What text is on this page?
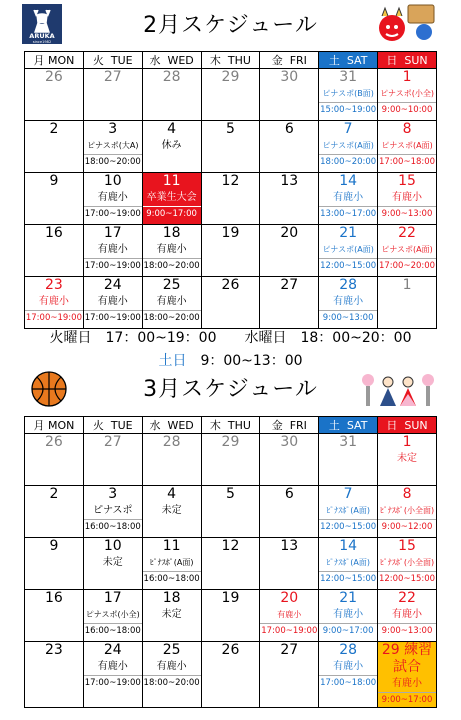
ARUKA
since1982
2月スケジュール
月 MON	火 TUE	水 WED	木 THU	金 FRI	土 SAT	日 SUN

26	27	28	29	30	31
ピナスポ(B面)
15:00~19:00	1
ピナスポ(小全)
9:00~10:00

2	3
ピナスポ(大A)
18:00~20:00	4
休み	5	6	7
ピナスポ(A面)
18:00~20:00	8
ピナスポ(A面)
17:00~18:00

9	10
有鹿小
17:00~19:00	11
卒業生大会
9:00~17:00	12	13	14
有鹿小
13:00~17:00	15
有鹿小
9:00~13:00

16	17
有鹿小
17:00~19:00	18
有鹿小
18:00~20:00	19	20	21
ピナスポ(A面)
12:00~15:00	22
ピナスポ(A面)
17:00~20:00

23
有鹿小
17:00~19:00	24
有鹿小
17:00~19:00	25
有鹿小
18:00~20:00	26	27	28
有鹿小
9:00~13:00	1
火曜日　17：00~19：00　　水曜日　18：00~20：00
土日　9：00~13：00
3月スケジュール
月 MON	火 TUE	水 WED	木 THU	金 FRI	土 SAT	日 SUN

26	27	28	29	30	31	1
未定

2	3
ピナスポ
16:00~18:00	4
未定	5	6	7
ﾋﾟﾅｽﾎﾟ(A面)
12:00~15:00	8
ﾋﾟﾅｽﾎﾟ(小全面)
9:00~12:00

9	10
未定	11
ﾋﾟﾅｽﾎﾟ(A面)
16:00~18:00	12	13	14
ﾋﾟﾅｽﾎﾟ(A面)
12:00~15:00	15
ﾋﾟﾅｽﾎﾟ(小全面)
12:00~15:00

16	17
ピナスポ(小全)
16:00~18:00	18
未定	19	20
有鹿小
17:00~19:00	21
有鹿小
9:00~17:00	22
有鹿小
9:00~13:00

23	24
有鹿小
17:00~19:00	25
有鹿小
18:00~20:00	26	27	28
有鹿小
17:00~18:00	29 練習試合
有鹿小
9:00~17:00
